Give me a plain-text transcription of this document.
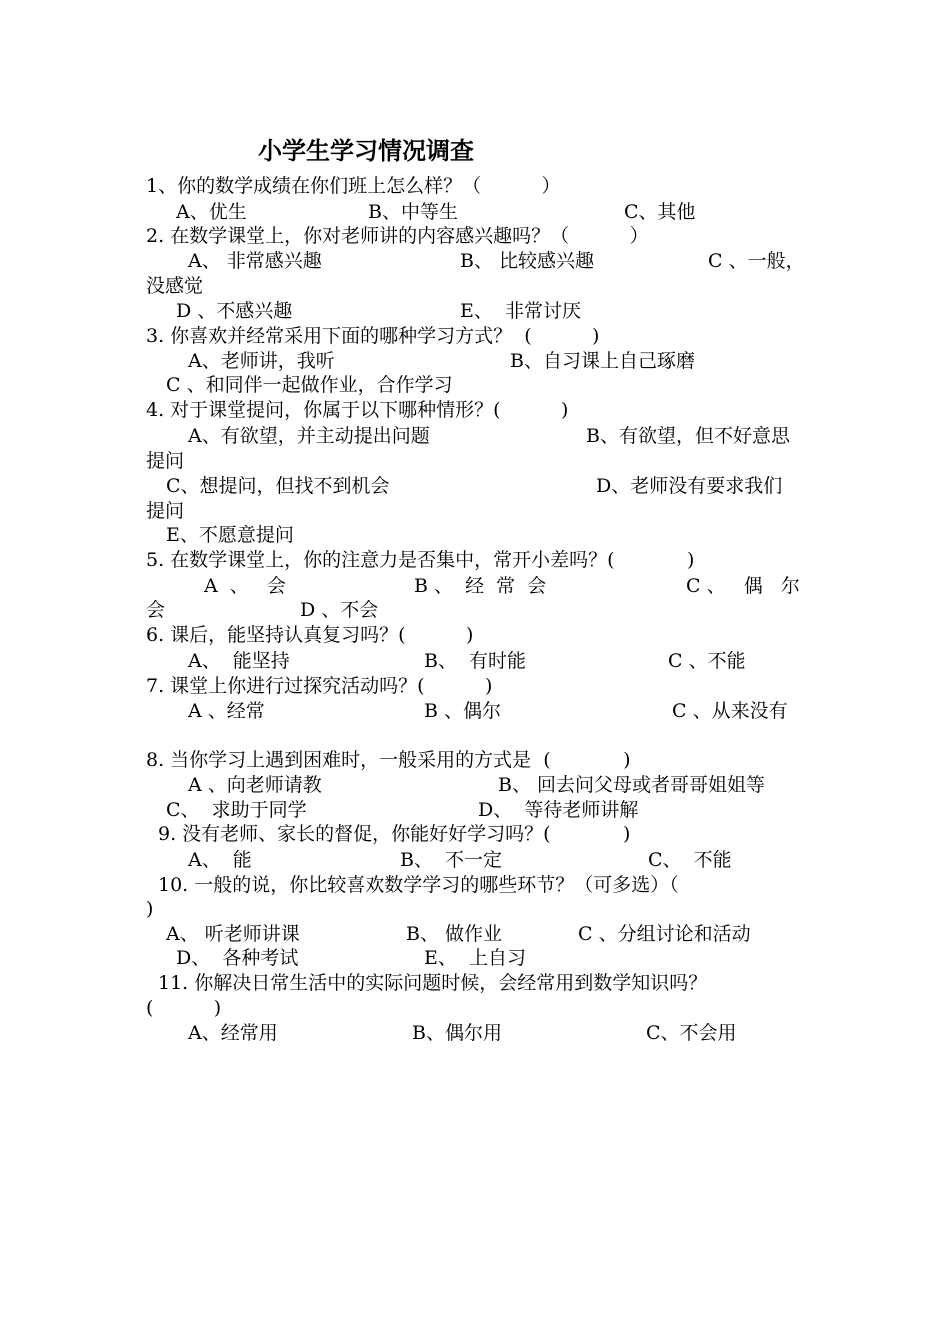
小学生学习情况调查
1、你的数学成绩在你们班上怎么样？（          ）
A、优生	B、中等生	C、其他
2. 在数学课堂上，你对老师讲的内容感兴趣吗？（          ）
A、 非常感兴趣	B、 比较感兴趣	C 、一般，
没感觉
D 、不感兴趣	E、  非常讨厌
3. 你喜欢并经常采用下面的哪种学习方式？  (          )
A、老师讲，我听	B、自习课上自己琢磨
C 、和同伴一起做作业，合作学习
4. 对于课堂提问，你属于以下哪种情形？(          )
A、有欲望，并主动提出问题	B、有欲望，但不好意思
提问
C、想提问，但找不到机会	D、老师没有要求我们
提问
E、不愿意提问
5. 在数学课堂上，你的注意力是否集中，常开小差吗？(            )
A  、   会	B 、  经  常  会	C 、   偶   尔
会	D 、不会
6. 课后，能坚持认真复习吗？(          )
A、  能坚持	B、  有时能	C 、不能
7. 课堂上你进行过探究活动吗？(          )
A 、经常	B 、偶尔	C 、从来没有
8. 当你学习上遇到困难时，一般采用的方式是  (            )
A 、向老师请教	B、 回去问父母或者哥哥姐姐等
C、  求助于同学	D、  等待老师讲解
9. 没有老师、家长的督促，你能好好学习吗？(            )
A、  能	B、  不一定	C、  不能
10. 一般的说，你比较喜欢数学学习的哪些环节？（可多选）（
)
A、 听老师讲课	B、 做作业	C 、分组讨论和活动
D、  各种考试	E、  上自习
11. 你解决日常生活中的实际问题时候，会经常用到数学知识吗？
(          )
A、经常用	B、偶尔用	C、不会用
